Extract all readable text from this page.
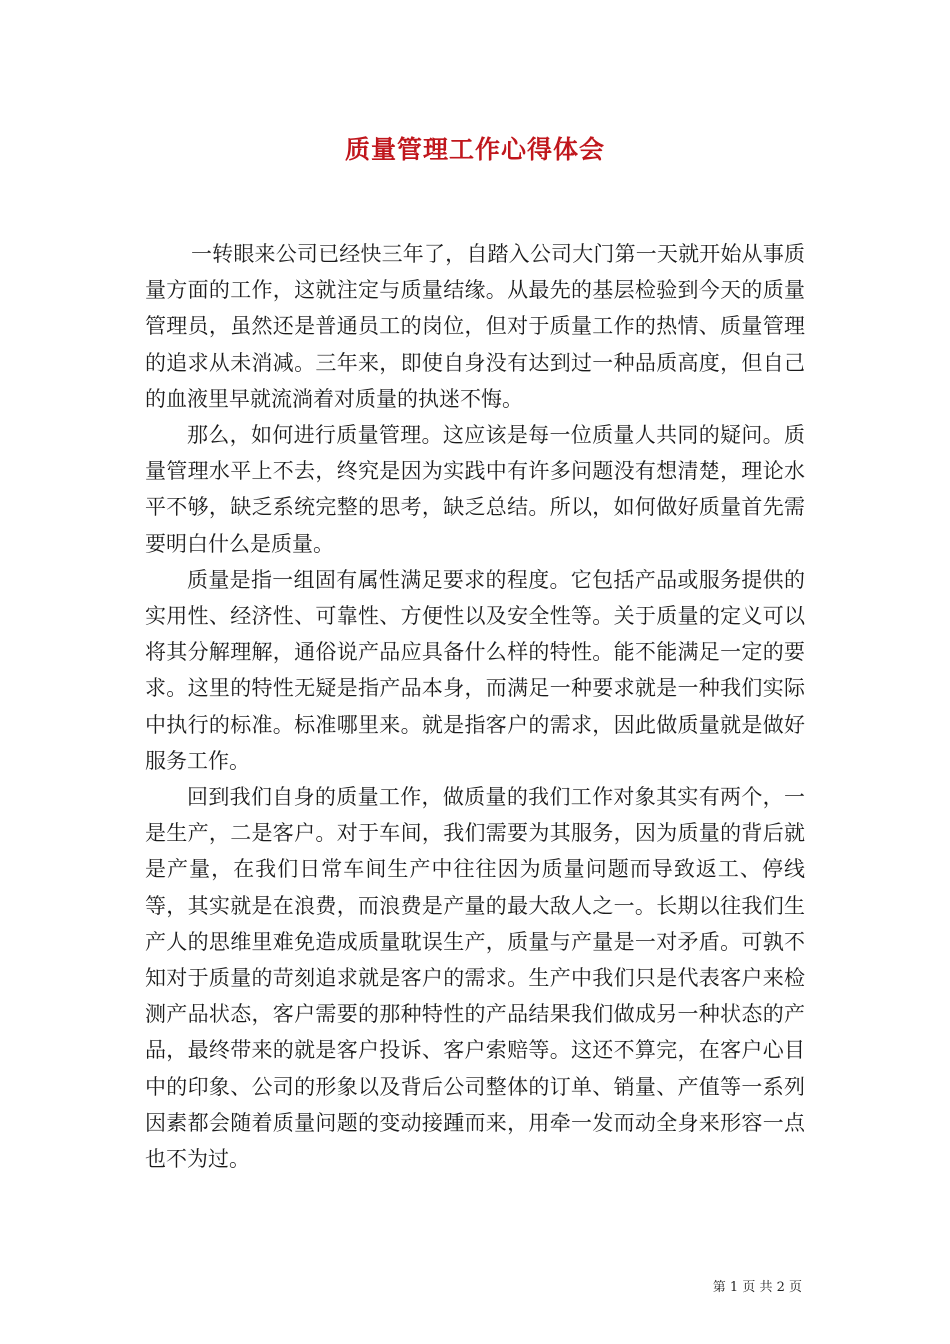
质量管理工作心得体会

一转眼来公司已经快三年了，自踏入公司大门第一天就开始从事质量方面的工作，这就注定与质量结缘。从最先的基层检验到今天的质量管理员，虽然还是普通员工的岗位，但对于质量工作的热情、质量管理的追求从未消减。三年来，即使自身没有达到过一种品质高度，但自己的血液里早就流淌着对质量的执迷不悔。

那么，如何进行质量管理。这应该是每一位质量人共同的疑问。质量管理水平上不去，终究是因为实践中有许多问题没有想清楚，理论水平不够，缺乏系统完整的思考，缺乏总结。所以，如何做好质量首先需要明白什么是质量。

质量是指一组固有属性满足要求的程度。它包括产品或服务提供的实用性、经济性、可靠性、方便性以及安全性等。关于质量的定义可以将其分解理解，通俗说产品应具备什么样的特性。能不能满足一定的要求。这里的特性无疑是指产品本身，而满足一种要求就是一种我们实际中执行的标准。标准哪里来。就是指客户的需求，因此做质量就是做好服务工作。

回到我们自身的质量工作，做质量的我们工作对象其实有两个，一是生产，二是客户。对于车间，我们需要为其服务，因为质量的背后就是产量，在我们日常车间生产中往往因为质量问题而导致返工、停线等，其实就是在浪费，而浪费是产量的最大敌人之一。长期以往我们生产人的思维里难免造成质量耽误生产，质量与产量是一对矛盾。可孰不知对于质量的苛刻追求就是客户的需求。生产中我们只是代表客户来检测产品状态，客户需要的那种特性的产品结果我们做成另一种状态的产品，最终带来的就是客户投诉、客户索赔等。这还不算完，在客户心目中的印象、公司的形象以及背后公司整体的订单、销量、产值等一系列因素都会随着质量问题的变动接踵而来，用牵一发而动全身来形容一点也不为过。

第 1 页 共 2 页
